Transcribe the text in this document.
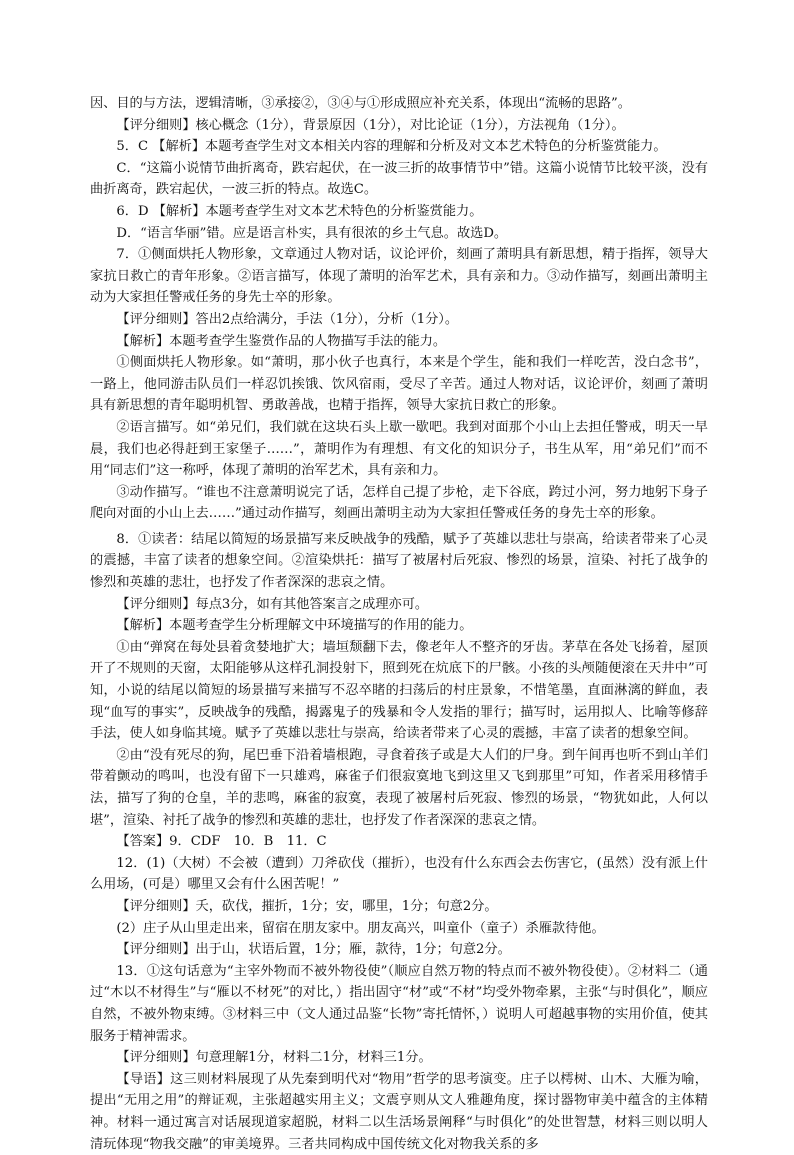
因、目的与方法，逻辑清晰，③承接②，③④与①形成照应补充关系，体现出“流畅的思路”。

【评分细则】核心概念（1分），背景原因（1分），对比论证（1分），方法视角（1分）。

5．C 【解析】本题考查学生对文本相关内容的理解和分析及对文本艺术特色的分析鉴赏能力。

C．“这篇小说情节曲折离奇，跌宕起伏，在一波三折的故事情节中”错。这篇小说情节比较平淡，没有曲折离奇，跌宕起伏，一波三折的特点。故选C。

6．D 【解析】本题考查学生对文本艺术特色的分析鉴赏能力。

D．“语言华丽”错。应是语言朴实，具有很浓的乡土气息。故选D。

7．①侧面烘托人物形象，文章通过人物对话，议论评价，刻画了萧明具有新思想，精于指挥，领导大家抗日救亡的青年形象。②语言描写，体现了萧明的治军艺术，具有亲和力。③动作描写，刻画出萧明主动为大家担任警戒任务的身先士卒的形象。

【评分细则】答出2点给满分，手法（1分），分析（1分）。

【解析】本题考查学生鉴赏作品的人物描写手法的能力。

①侧面烘托人物形象。如“萧明，那小伙子也真行，本来是个学生，能和我们一样吃苦，没白念书”，一路上，他同游击队员们一样忍饥挨饿、饮风宿雨，受尽了辛苦。通过人物对话，议论评价，刻画了萧明具有新思想的青年聪明机智、勇敢善战，也精于指挥，领导大家抗日救亡的形象。

②语言描写。如“弟兄们，我们就在这块石头上歇一歇吧。我到对面那个小山上去担任警戒，明天一早晨，我们也必得赶到王家堡子……”，萧明作为有理想、有文化的知识分子，书生从军，用“弟兄们”而不用“同志们”这一称呼，体现了萧明的治军艺术，具有亲和力。

③动作描写。“谁也不注意萧明说完了话，怎样自己提了步枪，走下谷底，跨过小河，努力地躬下身子爬向对面的小山上去……”通过动作描写，刻画出萧明主动为大家担任警戒任务的身先士卒的形象。

8．①读者：结尾以简短的场景描写来反映战争的残酷，赋予了英雄以悲壮与崇高，给读者带来了心灵的震撼，丰富了读者的想象空间。②渲染烘托：描写了被屠村后死寂、惨烈的场景，渲染、衬托了战争的惨烈和英雄的悲壮，也抒发了作者深深的悲哀之情。

【评分细则】每点3分，如有其他答案言之成理亦可。

【解析】本题考查学生分析理解文中环境描写的作用的能力。

①由“弹窝在每处县着贪婪地扩大；墙垣颓翻下去，像老年人不整齐的牙齿。茅草在各处飞扬着，屋顶开了不规则的天窗，太阳能够从这样孔洞投射下，照到死在炕底下的尸骸。小孩的头颅随便滚在天井中”可知，小说的结尾以简短的场景描写来描写不忍卒睹的扫荡后的村庄景象，不惜笔墨，直面淋漓的鲜血，表现“血写的事实”，反映战争的残酷，揭露鬼子的残暴和令人发指的罪行；描写时，运用拟人、比喻等修辞手法，使人如身临其境。赋予了英雄以悲壮与崇高，给读者带来了心灵的震撼，丰富了读者的想象空间。

②由“没有死尽的狗，尾巴垂下沿着墙根跑，寻食着孩子或是大人们的尸身。到午间再也听不到山羊们带着颤动的鸣叫，也没有留下一只雄鸡，麻雀子们很寂寞地飞到这里又飞到那里”可知，作者采用移情手法，描写了狗的仓皇，羊的悲鸣，麻雀的寂寞，表现了被屠村后死寂、惨烈的场景，“物犹如此，人何以堪”，渲染、衬托了战争的惨烈和英雄的悲壮，也抒发了作者深深的悲哀之情。

【答案】9．CDF　10．B　11．C

12．(1)（大树）不会被（遭到）刀斧砍伐（摧折），也没有什么东西会去伤害它，(虽然）没有派上什么用场，(可是）哪里又会有什么困苦呢！”

【评分细则】夭，砍伐，摧折，1分；安，哪里，1分；句意2分。

(2）庄子从山里走出来，留宿在朋友家中。朋友高兴，叫童仆（童子）杀雁款待他。

【评分细则】出于山，状语后置，1分；雁，款待，1分；句意2分。

13．①这句话意为“主宰外物而不被外物役使”（顺应自然万物的特点而不被外物役使）。②材料二（通过“木以不材得生”与“雁以不材死”的对比，）指出固守“材”或“不材”均受外物牵累，主张“与时俱化”，顺应自然，不被外物束缚。③材料三中（文人通过品鉴“长物”寄托情怀，）说明人可超越事物的实用价值，使其服务于精神需求。

【评分细则】句意理解1分，材料二1分，材料三1分。

【导语】这三则材料展现了从先秦到明代对“物用”哲学的思考演变。庄子以樗树、山木、大雁为喻，提出“无用之用”的辩证观，主张超越实用主义；文震亨则从文人雅趣角度，探讨器物审美中蕴含的主体精神。材料一通过寓言对话展现道家超脱，材料二以生活场景阐释“与时俱化”的处世智慧，材料三则以明人清玩体现“物我交融”的审美境界。三者共同构成中国传统文化对物我关系的多
